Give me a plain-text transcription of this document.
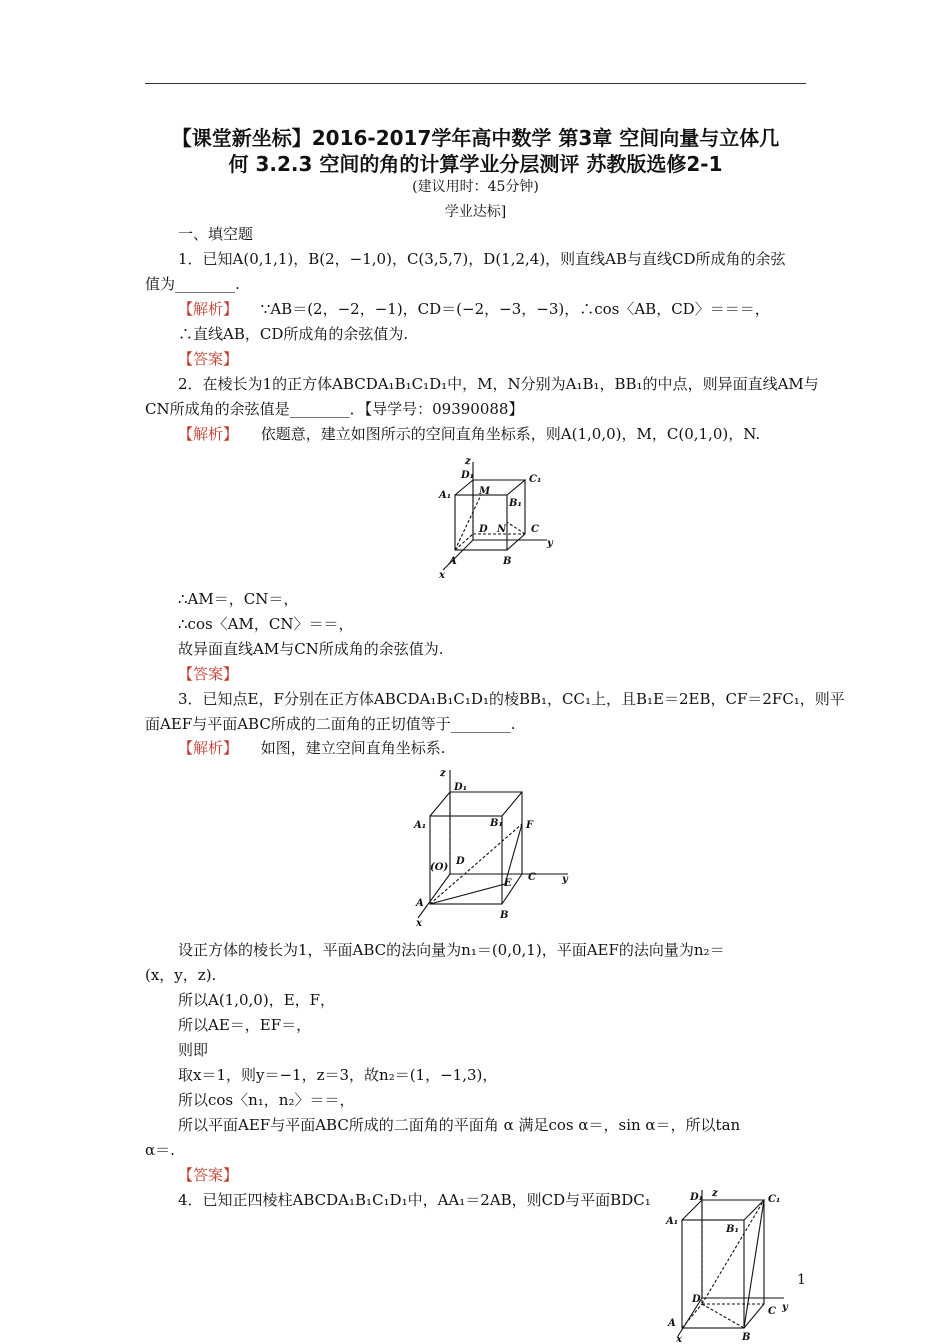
【课堂新坐标】2016-2017学年高中数学 第3章 空间向量与立体几
何 3.2.3 空间的角的计算学业分层测评 苏教版选修2-1
(建议用时：45分钟)
学业达标]
一、填空题
1．已知A(0,1,1)，B(2，−1,0)，C(3,5,7)，D(1,2,4)，则直线AB与直线CD所成角的余弦
值为________.
【解析】 ∵AB＝(2，−2，−1)，CD＝(−2，−3，−3)，∴cos〈AB，CD〉＝＝＝，
∴直线AB，CD所成角的余弦值为.
【答案】
2．在棱长为1的正方体ABCDA₁B₁C₁D₁中，M，N分别为A₁B₁，BB₁的中点，则异面直线AM与
CN所成角的余弦值是________．【导学号：09390088】
【解析】 依题意，建立如图所示的空间直角坐标系，则A(1,0,0)，M，C(0,1,0)，N.
z
D₁	C₁
A₁	M
B₁
D N C
y
A	B
x
∴AM＝，CN＝，
∴cos〈AM，CN〉＝＝，
故异面直线AM与CN所成角的余弦值为.
【答案】
3．已知点E，F分别在正方体ABCDA₁B₁C₁D₁的棱BB₁，CC₁上，且B₁E＝2EB，CF＝2FC₁，则平
面AEF与平面ABC所成的二面角的正切值等于________.
【解析】 如图，建立空间直角坐标系.
z
D₁
B₁
A₁	F
(O)
D
E
C	y
A
B
x
设正方体的棱长为1，平面ABC的法向量为n₁＝(0,0,1)，平面AEF的法向量为n₂＝
(x，y，z).
所以A(1,0,0)，E，F，
所以AE＝，EF＝，
则即
取x＝1，则y＝−1，z＝3，故n₂＝(1，−1,3)，
所以cos〈n₁，n₂〉＝＝，
所以平面AEF与平面ABC所成的二面角的平面角 α 满足cos α＝，sin α＝，所以tan
α＝.
【答案】
4．已知正四棱柱ABCDA₁B₁C₁D₁中，AA₁＝2AB，则CD与平面BDC₁	D₁ z
C₁
A₁
B₁
D
C y
A
B
x
1
